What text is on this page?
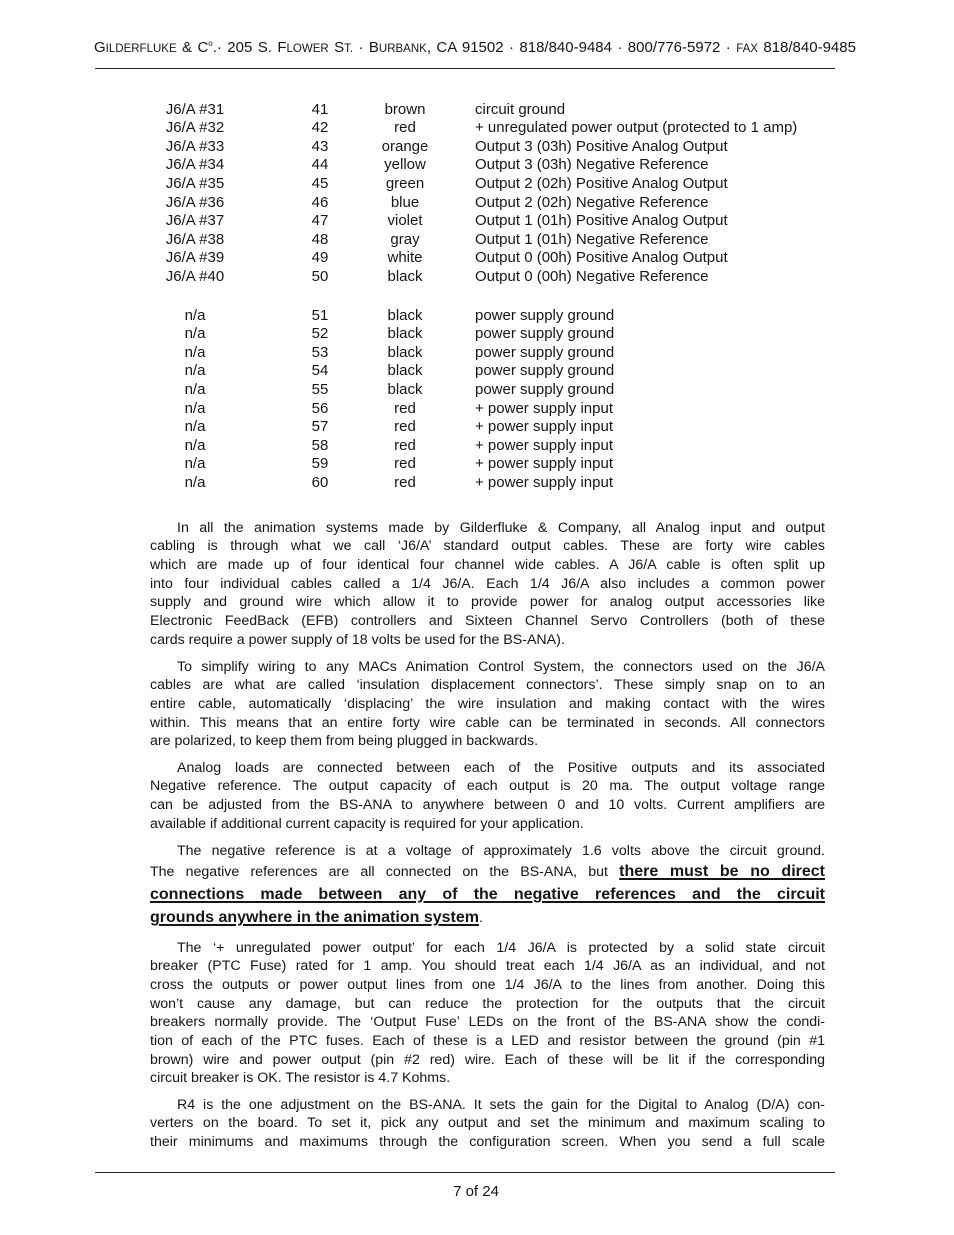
GILDERFLUKE & $C^o.\cdot 205$ S. FLOWER ST. · BURBANK, CA 91502 · 818/840-9484 · 800/776-5972 · FAX 818/840-9485
J6/A #31	41	brown	circuit ground
J6/A #32	42	red	+ unregulated power output (protected to 1 amp)
J6/A #33	43	orange	Output 3 (03h) Positive Analog Output
J6/A #34	44	yellow	Output 3 (03h) Negative Reference
J6/A #35	45	green	Output 2 (02h) Positive Analog Output
J6/A #36	46	blue	Output 2 (02h) Negative Reference
J6/A #37	47	violet	Output 1 (01h) Positive Analog Output
J6/A #38	48	gray	Output 1 (01h) Negative Reference
J6/A #39	49	white	Output 0 (00h) Positive Analog Output
J6/A #40	50	black	Output 0 (00h) Negative Reference
n/a	51	black	power supply ground
n/a	52	black	power supply ground
n/a	53	black	power supply ground
n/a	54	black	power supply ground
n/a	55	black	power supply ground
n/a	56	red	+ power supply input
n/a	57	red	+ power supply input
n/a	58	red	+ power supply input
n/a	59	red	+ power supply input
n/a	60	red	+ power supply input
In all the animation systems made by Gilderfluke & Company, all Analog input and output
cabling is through what we call ‘J6/A’ standard output cables. These are forty wire cables
which are made up of four identical four channel wide cables. A J6/A cable is often split up
into four individual cables called a 1/4 J6/A. Each 1/4 J6/A also includes a common power
supply and ground wire which allow it to provide power for analog output accessories like
Electronic FeedBack (EFB) controllers and Sixteen Channel Servo Controllers (both of these
cards require a power supply of 18 volts be used for the BS-ANA).
To simplify wiring to any MACs Animation Control System, the connectors used on the J6/A
cables are what are called ‘insulation displacement connectors’. These simply snap on to an
entire cable, automatically ‘displacing’ the wire insulation and making contact with the wires
within. This means that an entire forty wire cable can be terminated in seconds. All connectors
are polarized, to keep them from being plugged in backwards.
Analog loads are connected between each of the Positive outputs and its associated
Negative reference. The output capacity of each output is 20 ma. The output voltage range
can be adjusted from the BS-ANA to anywhere between 0 and 10 volts. Current amplifiers are
available if additional current capacity is required for your application.
The negative reference is at a voltage of approximately 1.6 volts above the circuit ground.
The negative references are all connected on the BS-ANA, but there must be no direct
connections made between any of the negative references and the circuit
grounds anywhere in the animation system.
The ‘+ unregulated power output’ for each 1/4 J6/A is protected by a solid state circuit
breaker (PTC Fuse) rated for 1 amp. You should treat each 1/4 J6/A as an individual, and not
cross the outputs or power output lines from one 1/4 J6/A to the lines from another. Doing this
won’t cause any damage, but can reduce the protection for the outputs that the circuit
breakers normally provide. The ‘Output Fuse’ LEDs on the front of the BS-ANA show the condi-
tion of each of the PTC fuses. Each of these is a LED and resistor between the ground (pin #1
brown) wire and power output (pin #2 red) wire. Each of these will be lit if the corresponding
circuit breaker is OK. The resistor is 4.7 Kohms.
R4 is the one adjustment on the BS-ANA. It sets the gain for the Digital to Analog (D/A) con-
verters on the board. To set it, pick any output and set the minimum and maximum scaling to
their minimums and maximums through the configuration screen. When you send a full scale
7 of 24
